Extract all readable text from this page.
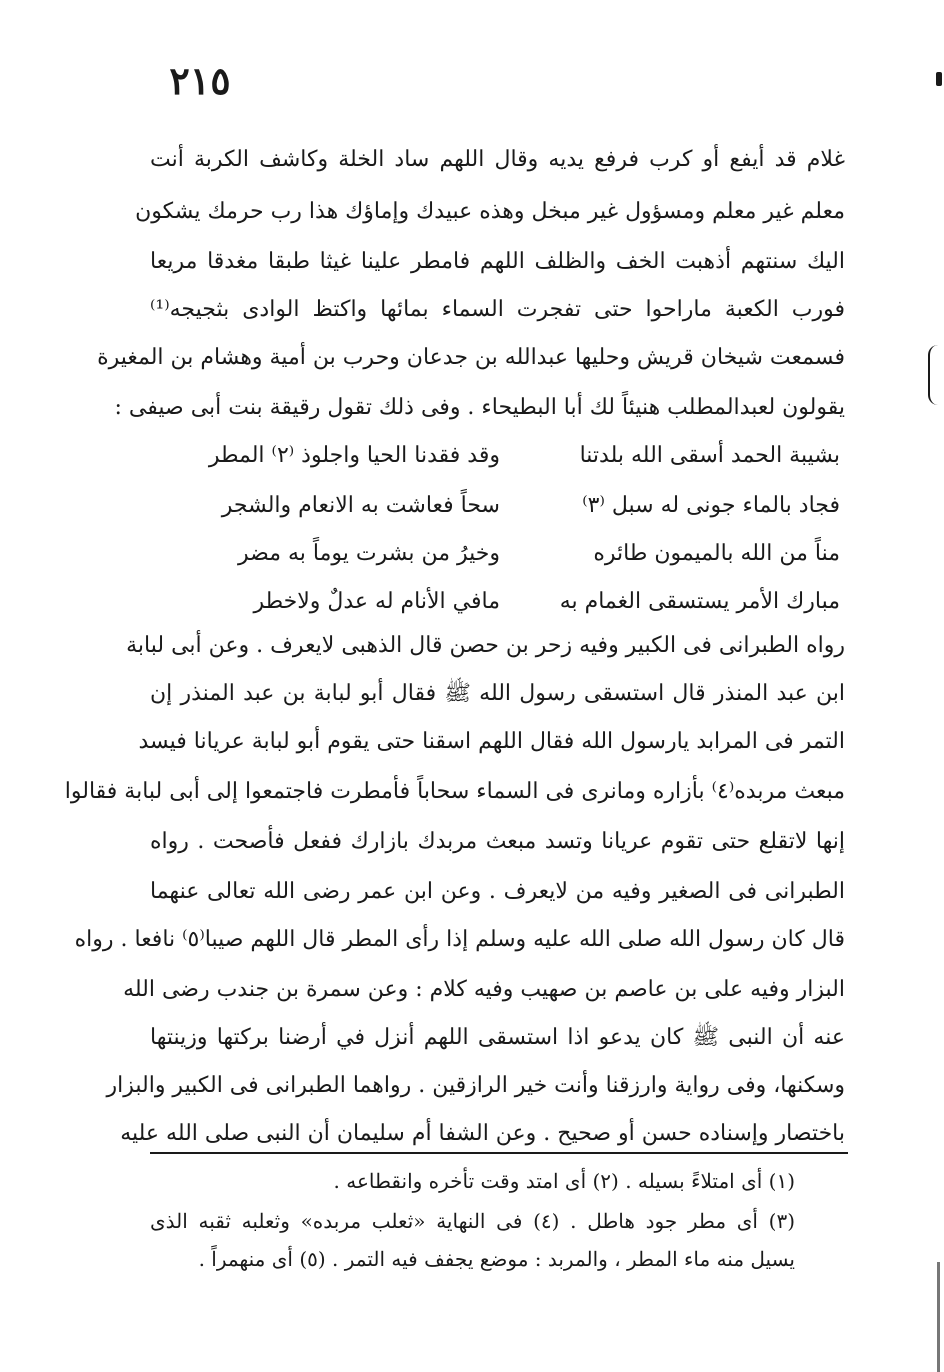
٢١٥
غلام قد أيفع أو كرب فرفع يديه وقال اللهم ساد الخلة وكاشف الكربة أنت
معلم غير معلم ومسؤول غير مبخل وهذه عبيدك وإماؤك هذا رب حرمك يشكون
اليك سنتهم أذهبت الخف والظلف اللهم فامطر علينا غيثا طبقا مغدقا مريعا
فورب الكعبة ماراحوا حتى تفجرت السماء بمائها واكتظ الوادى بثجيجه⁽¹⁾
فسمعت شيخان قريش وحليها عبدالله بن جدعان وحرب بن أمية وهشام بن المغيرة
يقولون لعبدالمطلب هنيئاً لك أبا البطيحاء . وفى ذلك تقول رقيقة بنت أبى صيفى :
بشيبة الحمد أسقى الله بلدتنا
وقد فقدنا الحيا واجلوذ ⁽٢⁾ المطر
فجاد بالماء جونى له سبل ⁽٣⁾
سحاً فعاشت به الانعام والشجر
مناً من الله بالميمون طائره
وخيرُ من بشرت يوماً به مضر
مبارك الأمر يستسقى الغمام به
مافي الأنام له عدلٌ ولاخطر
رواه الطبرانى فى الكبير وفيه زحر بن حصن قال الذهبى لايعرف . وعن أبى لبابة
ابن عبد المنذر قال استسقى رسول الله ﷺ فقال أبو لبابة بن عبد المنذر إن
التمر فى المرابد يارسول الله فقال اللهم اسقنا حتى يقوم أبو لبابة عريانا فيسد
مبعث مربده⁽٤⁾ بأزاره ومانرى فى السماء سحاباً فأمطرت فاجتمعوا إلى أبى لبابة فقالوا
إنها لاتقلع حتى تقوم عريانا وتسد مبعث مربدك بازارك ففعل فأصحت . رواه
الطبرانى فى الصغير وفيه من لايعرف . وعن ابن عمر رضى الله تعالى عنهما
قال كان رسول الله صلى الله عليه وسلم إذا رأى المطر قال اللهم صيبا⁽٥⁾ نافعا . رواه
البزار وفيه على بن عاصم بن صهيب وفيه كلام : وعن سمرة بن جندب رضى الله
عنه أن النبى ﷺ كان يدعو اذا استسقى اللهم أنزل في أرضنا بركتها وزينتها
وسكنها، وفى رواية وارزقنا وأنت خير الرازقين . رواهما الطبرانى فى الكبير والبزار
باختصار وإسناده حسن أو صحيح . وعن الشفا أم سليمان أن النبى صلى الله عليه
(١) أى امتلاءً بسيله . (٢) أى امتد وقت تأخره وانقطاعه .
(٣) أى مطر جود هاطل . (٤) فى النهاية «ثعلب مربده» وثعلبه ثقبه الذى
يسيل منه ماء المطر ، والمربد : موضع يجفف فيه التمر . (٥) أى منهمراً .
